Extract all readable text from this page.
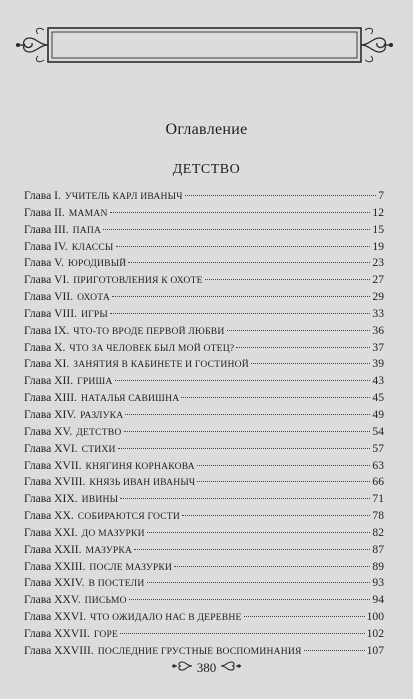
Оглавление
ДЕТСТВО
Глава I. УЧИТЕЛЬ КАРЛ ИВАНЫЧ	7
Глава II. MAMAN	12
Глава III. ПАПА	15
Глава IV. КЛАССЫ	19
Глава V. ЮРОДИВЫЙ	23
Глава VI. ПРИГОТОВЛЕНИЯ К ОХОТЕ	27
Глава VII. ОХОТА	29
Глава VIII. ИГРЫ	33
Глава IX. ЧТО-ТО ВРОДЕ ПЕРВОЙ ЛЮБВИ	36
Глава X. ЧТО ЗА ЧЕЛОВЕК БЫЛ МОЙ ОТЕЦ?	37
Глава XI. ЗАНЯТИЯ В КАБИНЕТЕ И ГОСТИНОЙ	39
Глава XII. ГРИША	43
Глава XIII. НАТАЛЬЯ САВИШНА	45
Глава XIV. РАЗЛУКА	49
Глава XV. ДЕТСТВО	54
Глава XVI. СТИХИ	57
Глава XVII. КНЯГИНЯ КОРНАКОВА	63
Глава XVIII. КНЯЗЬ ИВАН ИВАНЫЧ	66
Глава XIX. ИВИНЫ	71
Глава XX. СОБИРАЮТСЯ ГОСТИ	78
Глава XXI. ДО МАЗУРКИ	82
Глава XXII. МАЗУРКА	87
Глава XXIII. ПОСЛЕ МАЗУРКИ	89
Глава XXIV. В ПОСТЕЛИ	93
Глава XXV. ПИСЬМО	94
Глава XXVI. ЧТО ОЖИДАЛО НАС В ДЕРЕВНЕ	100
Глава XXVII. ГОРЕ	102
Глава XXVIII. ПОСЛЕДНИЕ ГРУСТНЫЕ ВОСПОМИНАНИЯ	107
380
